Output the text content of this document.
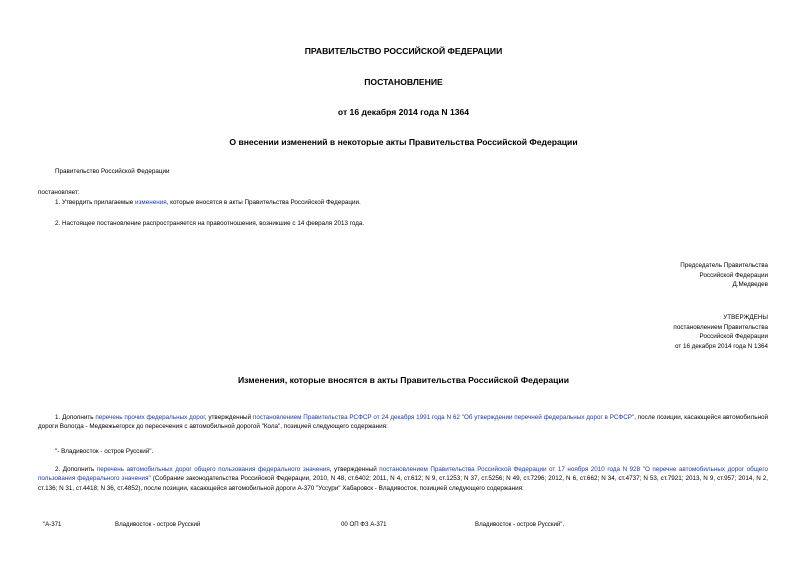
ПРАВИТЕЛЬСТВО РОССИЙСКОЙ ФЕДЕРАЦИИ
ПОСТАНОВЛЕНИЕ
от 16 декабря 2014 года N 1364
О внесении изменений в некоторые акты Правительства Российской Федерации
Правительство Российской Федерации
постановляет:
1. Утвердить прилагаемые изменения, которые вносятся в акты Правительства Российской Федерации.
2. Настоящее постановление распространяется на правоотношения, возникшие с 14 февраля 2013 года.
Председатель Правительства
Российской Федерации
Д.Медведев
УТВЕРЖДЕНЫ
постановлением Правительства
Российской Федерации
от 16 декабря 2014 года N 1364
Изменения, которые вносятся в акты Правительства Российской Федерации
1. Дополнить перечень прочих федеральных дорог, утвержденный постановлением Правительства РСФСР от 24 декабря 1991 года N 62 "Об утверждении перечней федеральных дорог в РСФСР", после позиции, касающейся автомобильной дороги Вологда - Медвежьегорск до пересечения с автомобильной дорогой "Кола", позицией следующего содержания:
"- Владивосток - остров Русский".
2. Дополнить перечень автомобильных дорог общего пользования федерального значения, утвержденный постановлением Правительства Российской Федерации от 17 ноября 2010 года N 928 "О перечне автомобильных дорог общего пользования федерального значения" (Собрание законодательства Российской Федерации, 2010, N 48, ст.6402; 2011, N 4, ст.612; N 9, ст.1253; N 37, ст.5256; N 49, ст.7296; 2012, N 6, ст.662; N 34, ст.4737; N 53, ст.7921; 2013, N 9, ст.957; 2014, N 2, ст.136; N 31, ст.4418; N 36, ст.4852), после позиции, касающейся автомобильной дороги А-370 "Уссури" Хабаровск - Владивосток, позицией следующего содержания:
"А-371	Владивосток - остров Русский	00 ОП ФЗ А-371	Владивосток - остров Русский".
